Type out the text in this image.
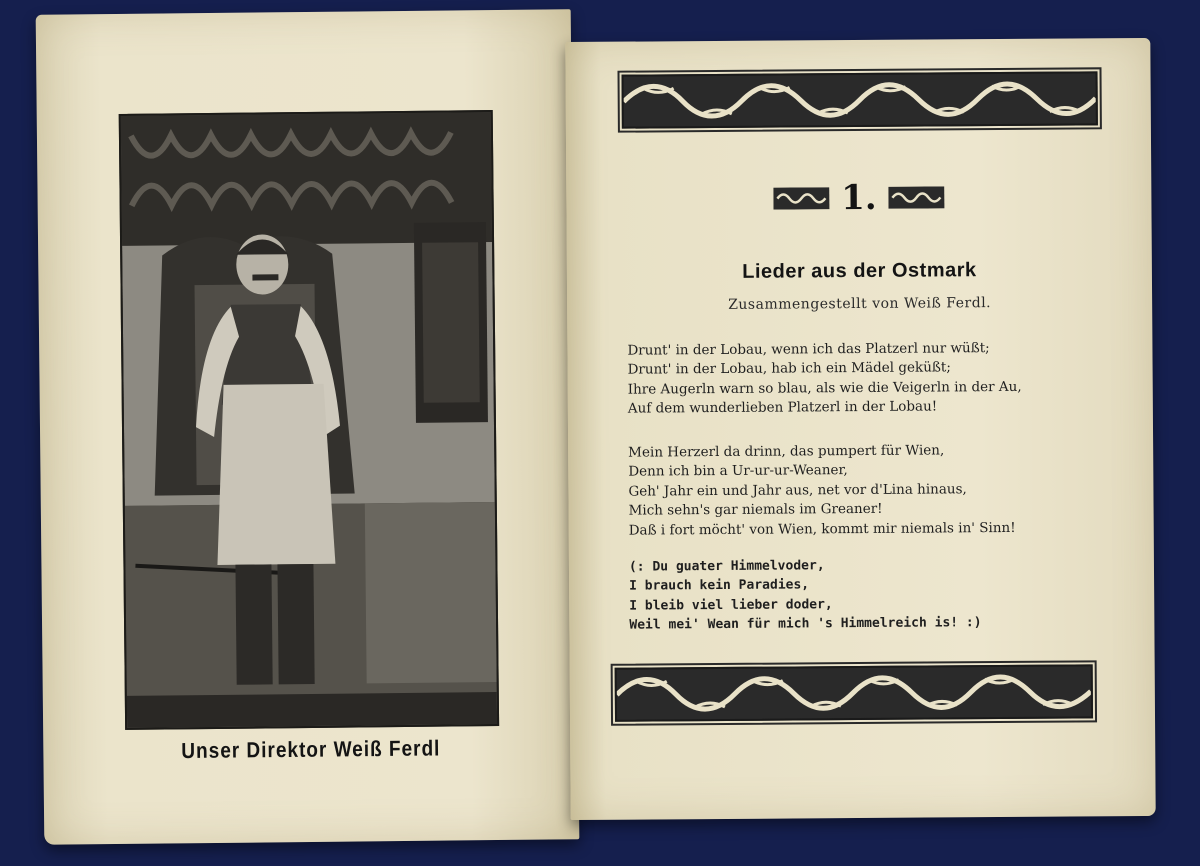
Unser Direktor Weiß Ferdl
1.
Lieder aus der Ostmark
Zusammengestellt von Weiß Ferdl.
Drunt' in der Lobau, wenn ich das Platzerl nur wüßt;
Drunt' in der Lobau, hab ich ein Mädel geküßt;
Ihre Augerln warn so blau, als wie die Veigerln in der Au,
Auf dem wunderlieben Platzerl in der Lobau!
Mein Herzerl da drinn, das pumpert für Wien,
Denn ich bin a Ur-ur-ur-Weaner,
Geh' Jahr ein und Jahr aus, net vor d'Lina hinaus,
Mich sehn's gar niemals im Greaner!
Daß i fort möcht' von Wien, kommt mir niemals in' Sinn!
(: Du guater Himmelvoder,
I brauch kein Paradies,
I bleib viel lieber doder,
Weil mei' Wean für mich 's Himmelreich is! :)
